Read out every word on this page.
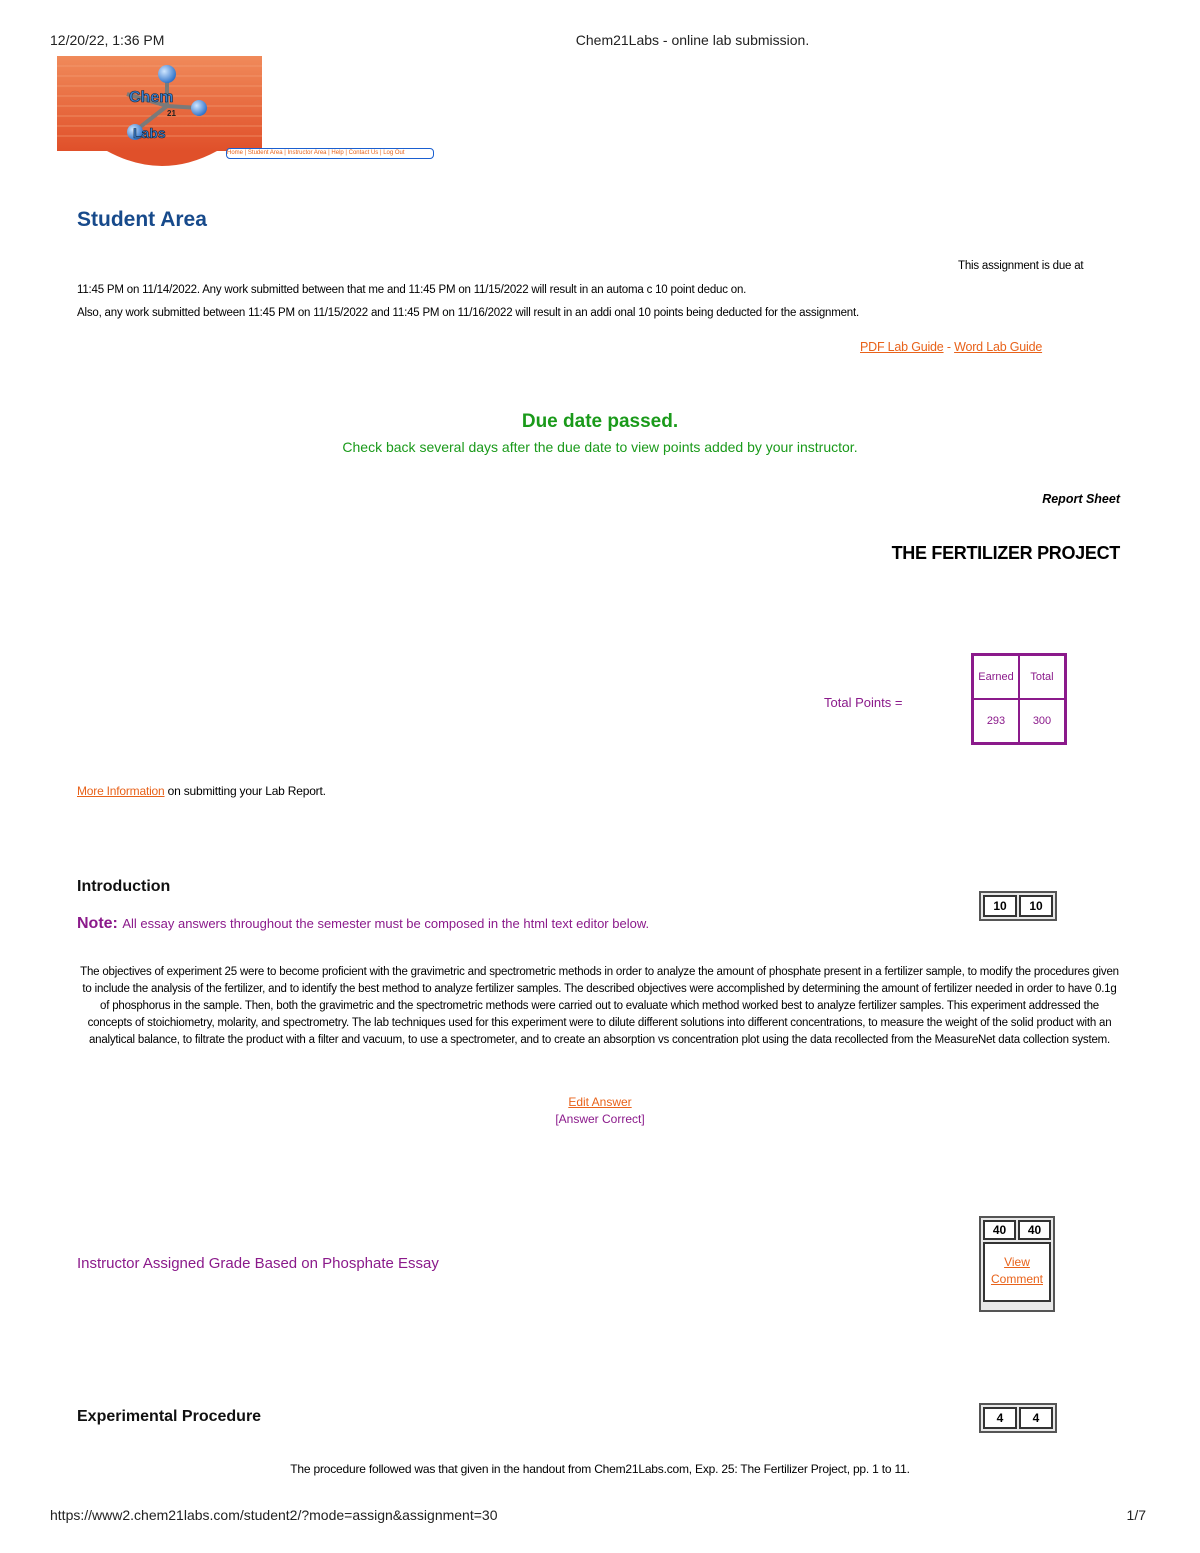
12/20/22, 1:36 PM	Chem21Labs - online lab submission.
Chem
21
Labs
Home | Student Area | Instructor Area | Help | Contact Us | Log Out
Student Area
This assignment is due at
11:45 PM on 11/14/2022. Any work submitted between that me and 11:45 PM on 11/15/2022 will result in an automa c 10 point deduc on.
Also, any work submitted between 11:45 PM on 11/15/2022 and 11:45 PM on 11/16/2022 will result in an addi onal 10 points being deducted for the assignment.
PDF Lab Guide - Word Lab Guide
Due date passed.
Check back several days after the due date to view points added by your instructor.
Report Sheet
THE FERTILIZER PROJECT
Total Points =
Earned	Total
293	300
More Information on submitting your Lab Report.
Introduction
10	10
Note: All essay answers throughout the semester must be composed in the html text editor below.
The objectives of experiment 25 were to become proficient with the gravimetric and spectrometric methods in order to analyze the amount of phosphate present in a fertilizer sample, to modify the procedures given to include the analysis of the fertilizer, and to identify the best method to analyze fertilizer samples. The described objectives were accomplished by determining the amount of fertilizer needed in order to have 0.1g of phosphorus in the sample. Then, both the gravimetric and the spectrometric methods were carried out to evaluate which method worked best to analyze fertilizer samples. This experiment addressed the concepts of stoichiometry, molarity, and spectrometry. The lab techniques used for this experiment were to dilute different solutions into different concentrations, to measure the weight of the solid product with an analytical balance, to filtrate the product with a filter and vacuum, to use a spectrometer, and to create an absorption vs concentration plot using the data recollected from the MeasureNet data collection system.
Edit Answer
[Answer Correct]
Instructor Assigned Grade Based on Phosphate Essay
40	40
View
Comment
Experimental Procedure	4	4
The procedure followed was that given in the handout from Chem21Labs.com, Exp. 25: The Fertilizer Project, pp. 1 to 11.
https://www2.chem21labs.com/student2/?mode=assign&assignment=30	1/7
